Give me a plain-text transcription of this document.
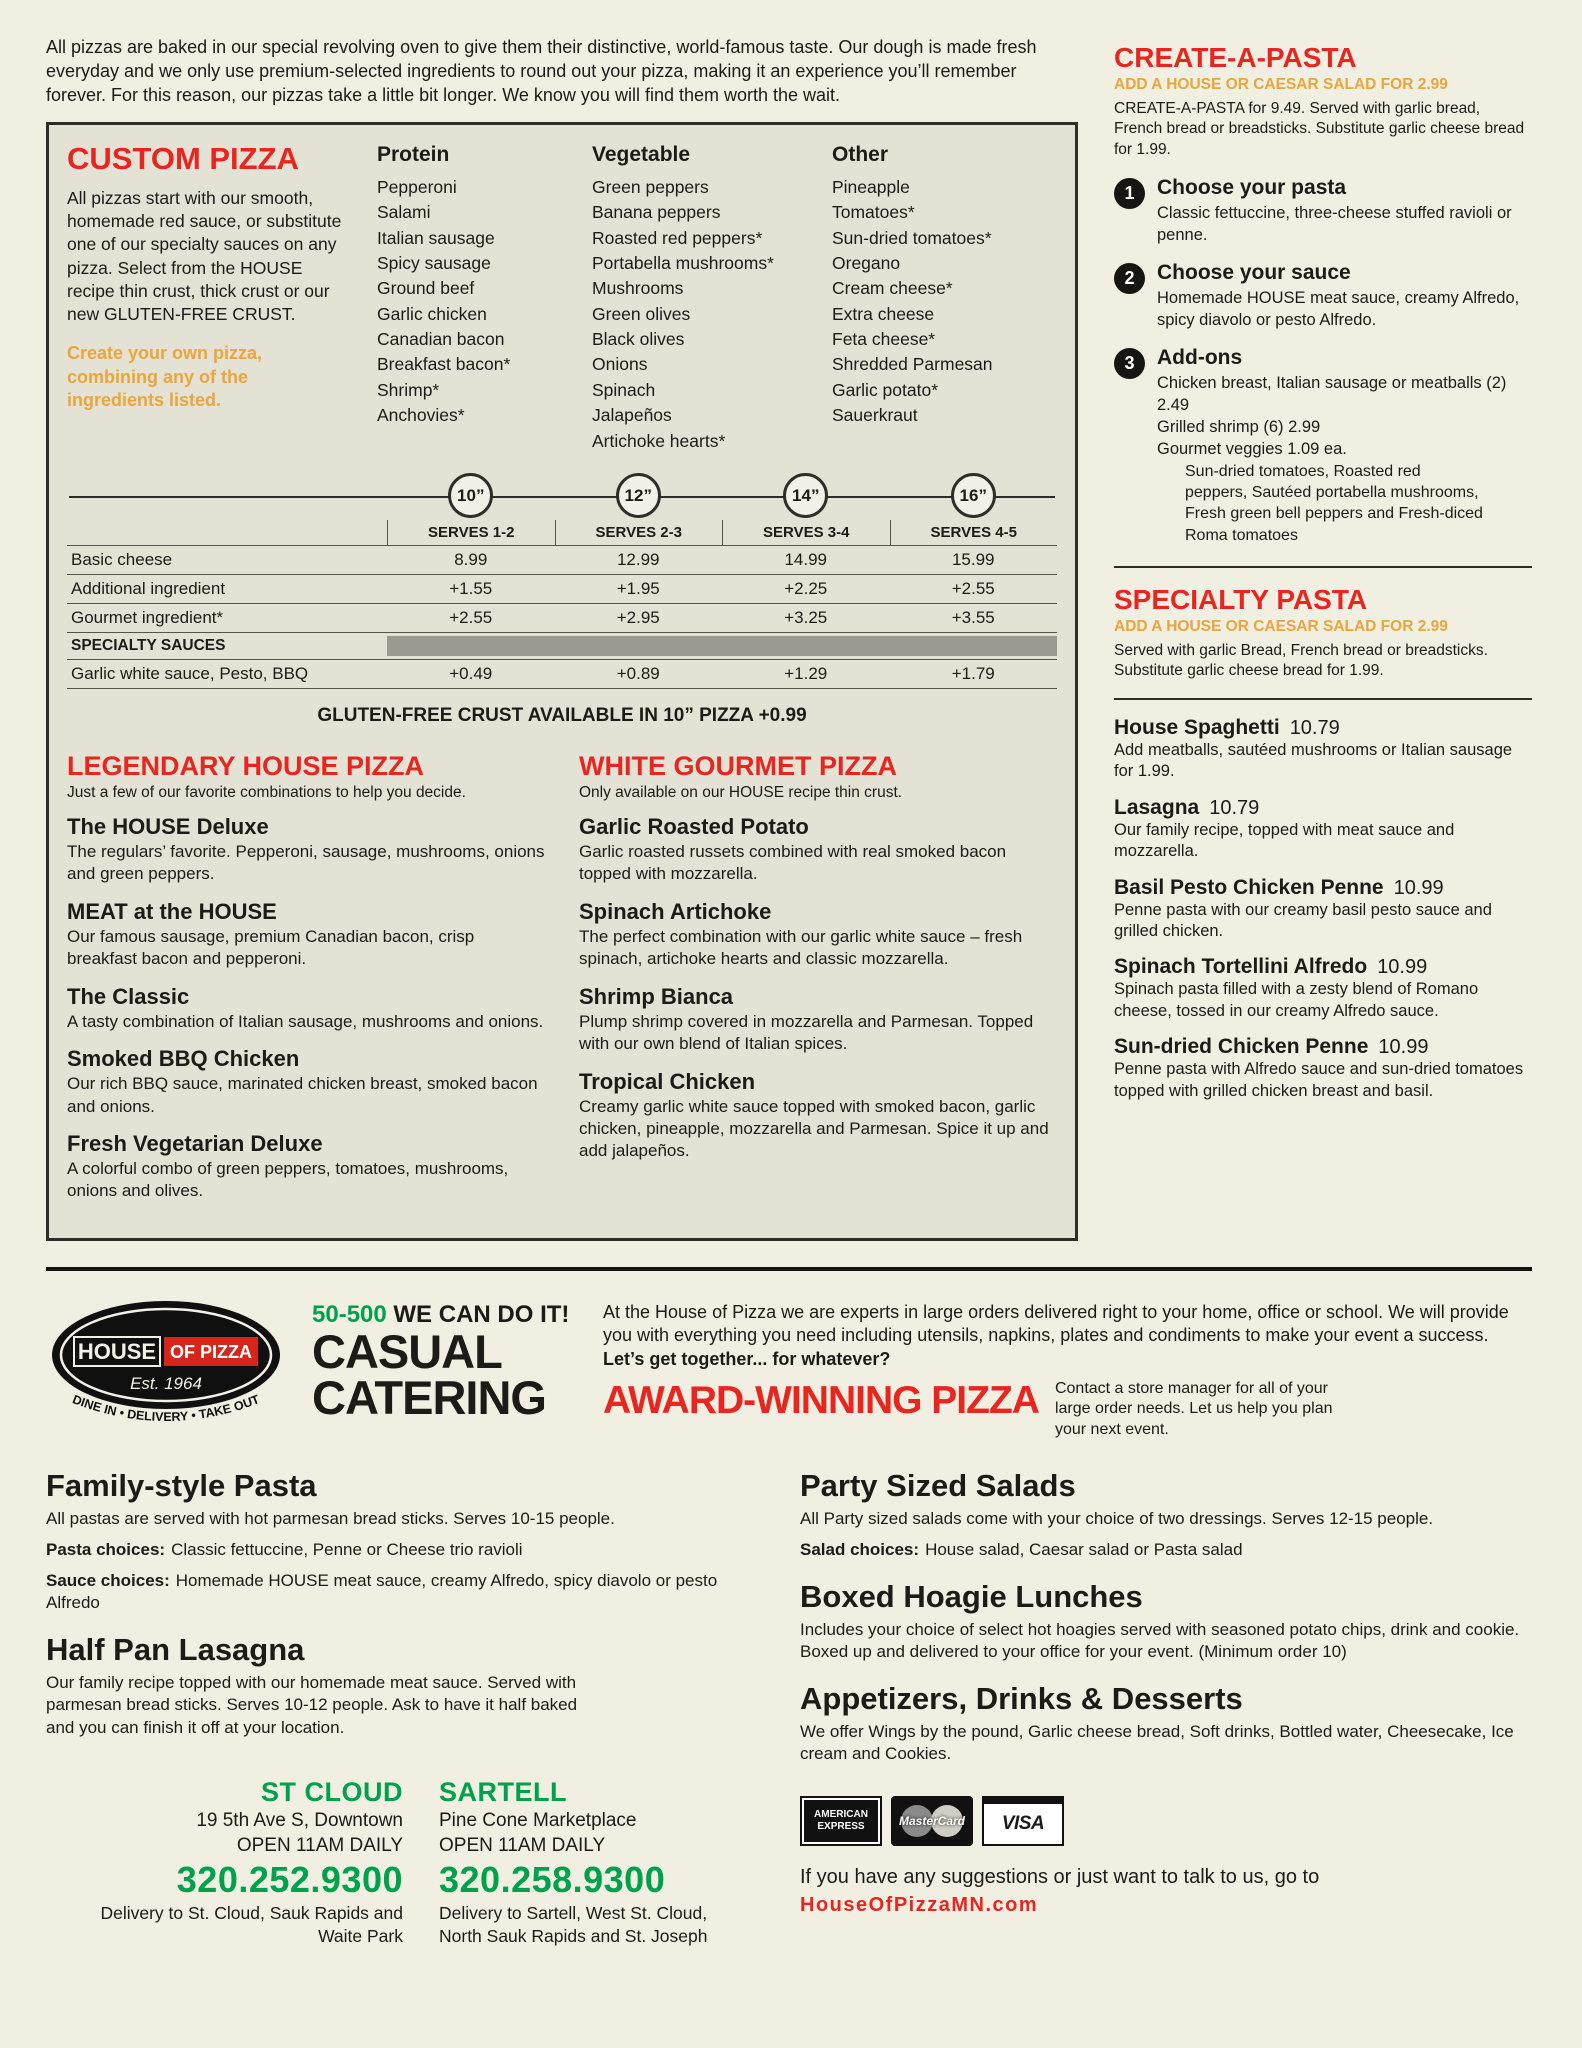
All pizzas are baked in our special revolving oven to give them their distinctive, world-famous taste. Our dough is made fresh everyday and we only use premium-selected ingredients to round out your pizza, making it an experience you’ll remember forever. For this reason, our pizzas take a little bit longer. We know you will find them worth the wait.

CUSTOM PIZZA

All pizzas start with our smooth, homemade red sauce, or substitute one of our specialty sauces on any pizza. Select from the HOUSE recipe thin crust, thick crust or our new GLUTEN-FREE CRUST.

Create your own pizza, combining any of the ingredients listed.

Protein
Pepperoni
Salami
Italian sausage
Spicy sausage
Ground beef
Garlic chicken
Canadian bacon
Breakfast bacon*
Shrimp*
Anchovies*
Vegetable
Green peppers
Banana peppers
Roasted red peppers*
Portabella mushrooms*
Mushrooms
Green olives
Black olives
Onions
Spinach
Jalapeños
Artichoke hearts*
Other
Pineapple
Tomatoes*
Sun-dried tomatoes*
Oregano
Cream cheese*
Extra cheese
Feta cheese*
Shredded Parmesan
Garlic potato*
Sauerkraut
10”	12”	14”	16”
SERVES 1-2	SERVES 2-3	SERVES 3-4	SERVES 4-5
Basic cheese	8.99	12.99	14.99	15.99
Additional ingredient	+1.55	+1.95	+2.25	+2.55
Gourmet ingredient*	+2.55	+2.95	+3.25	+3.55
SPECIALTY SAUCES
Garlic white sauce, Pesto, BBQ	+0.49	+0.89	+1.29	+1.79
GLUTEN-FREE CRUST AVAILABLE IN 10” PIZZA +0.99
LEGENDARY HOUSE PIZZA
Just a few of our favorite combinations to help you decide.
The HOUSE Deluxe
The regulars’ favorite. Pepperoni, sausage, mushrooms, onions and green peppers.
MEAT at the HOUSE
Our famous sausage, premium Canadian bacon, crisp breakfast bacon and pepperoni.
The Classic
A tasty combination of Italian sausage, mushrooms and onions.
Smoked BBQ Chicken
Our rich BBQ sauce, marinated chicken breast, smoked bacon and onions.
Fresh Vegetarian Deluxe
A colorful combo of green peppers, tomatoes, mushrooms, onions and olives.
WHITE GOURMET PIZZA
Only available on our HOUSE recipe thin crust.
Garlic Roasted Potato
Garlic roasted russets combined with real smoked bacon topped with mozzarella.
Spinach Artichoke
The perfect combination with our garlic white sauce – fresh spinach, artichoke hearts and classic mozzarella.
Shrimp Bianca
Plump shrimp covered in mozzarella and Parmesan. Topped with our own blend of Italian spices.
Tropical Chicken
Creamy garlic white sauce topped with smoked bacon, garlic chicken, pineapple, mozzarella and Parmesan. Spice it up and add jalapeños.
CREATE-A-PASTA
ADD A HOUSE OR CAESAR SALAD FOR 2.99

CREATE-A-PASTA for 9.49. Served with garlic bread, French bread or breadsticks. Substitute garlic cheese bread for 1.99.

1	Choose your pasta
Classic fettuccine, three-cheese stuffed ravioli or penne.
2	Choose your sauce
Homemade HOUSE meat sauce, creamy Alfredo, spicy diavolo or pesto Alfredo.
3	Add-ons
Chicken breast, Italian sausage or meatballs (2) 2.49
Grilled shrimp (6) 2.99
Gourmet veggies 1.09 ea.
Sun-dried tomatoes, Roasted red peppers, Sautéed portabella mushrooms, Fresh green bell peppers and Fresh-diced Roma tomatoes
SPECIALTY PASTA
ADD A HOUSE OR CAESAR SALAD FOR 2.99

Served with garlic Bread, French bread or breadsticks. Substitute garlic cheese bread for 1.99.

House Spaghetti 10.79
Add meatballs, sautéed mushrooms or Italian sausage for 1.99.
Lasagna 10.79
Our family recipe, topped with meat sauce and mozzarella.
Basil Pesto Chicken Penne 10.99
Penne pasta with our creamy basil pesto sauce and grilled chicken.
Spinach Tortellini Alfredo 10.99
Spinach pasta filled with a zesty blend of Romano cheese, tossed in our creamy Alfredo sauce.
Sun-dried Chicken Penne 10.99
Penne pasta with Alfredo sauce and sun-dried tomatoes topped with grilled chicken breast and basil.
HOUSE OF PIZZA
Est. 1964
DINE IN • DELIVERY • TAKE OUT
50-500 WE CAN DO IT!
CASUAL
CATERING

At the House of Pizza we are experts in large orders delivered right to your home, office or school. We will provide you with everything you need including utensils, napkins, plates and condiments to make your event a success. Let’s get together... for whatever?

AWARD-WINNING PIZZA Contact a store manager for all of your large order needs. Let us help you plan your next event.
Family-style Pasta

All pastas are served with hot parmesan bread sticks. Serves 10-15 people.

Pasta choices: Classic fettuccine, Penne or Cheese trio ravioli
Sauce choices: Homemade HOUSE meat sauce, creamy Alfredo, spicy diavolo or pesto Alfredo
Half Pan Lasagna

Our family recipe topped with our homemade meat sauce. Served with parmesan bread sticks. Serves 10-12 people. Ask to have it half baked and you can finish it off at your location.

ST CLOUD
19 5th Ave S, Downtown
OPEN 11AM DAILY
320.252.9300
Delivery to St. Cloud, Sauk Rapids and Waite Park
SARTELL
Pine Cone Marketplace
OPEN 11AM DAILY
320.258.9300
Delivery to Sartell, West St. Cloud, North Sauk Rapids and St. Joseph
Party Sized Salads

All Party sized salads come with your choice of two dressings. Serves 12-15 people.

Salad choices: House salad, Caesar salad or Pasta salad
Boxed Hoagie Lunches

Includes your choice of select hot hoagies served with seasoned potato chips, drink and cookie. Boxed up and delivered to your office for your event. (Minimum order 10)

Appetizers, Drinks & Desserts

We offer Wings by the pound, Garlic cheese bread, Soft drinks, Bottled water, Cheesecake, Ice cream and Cookies.

AMERICAN
EXPRESS	MasterCard VISA
If you have any suggestions or just want to talk to us, go to
HouseOfPizzaMN.com
